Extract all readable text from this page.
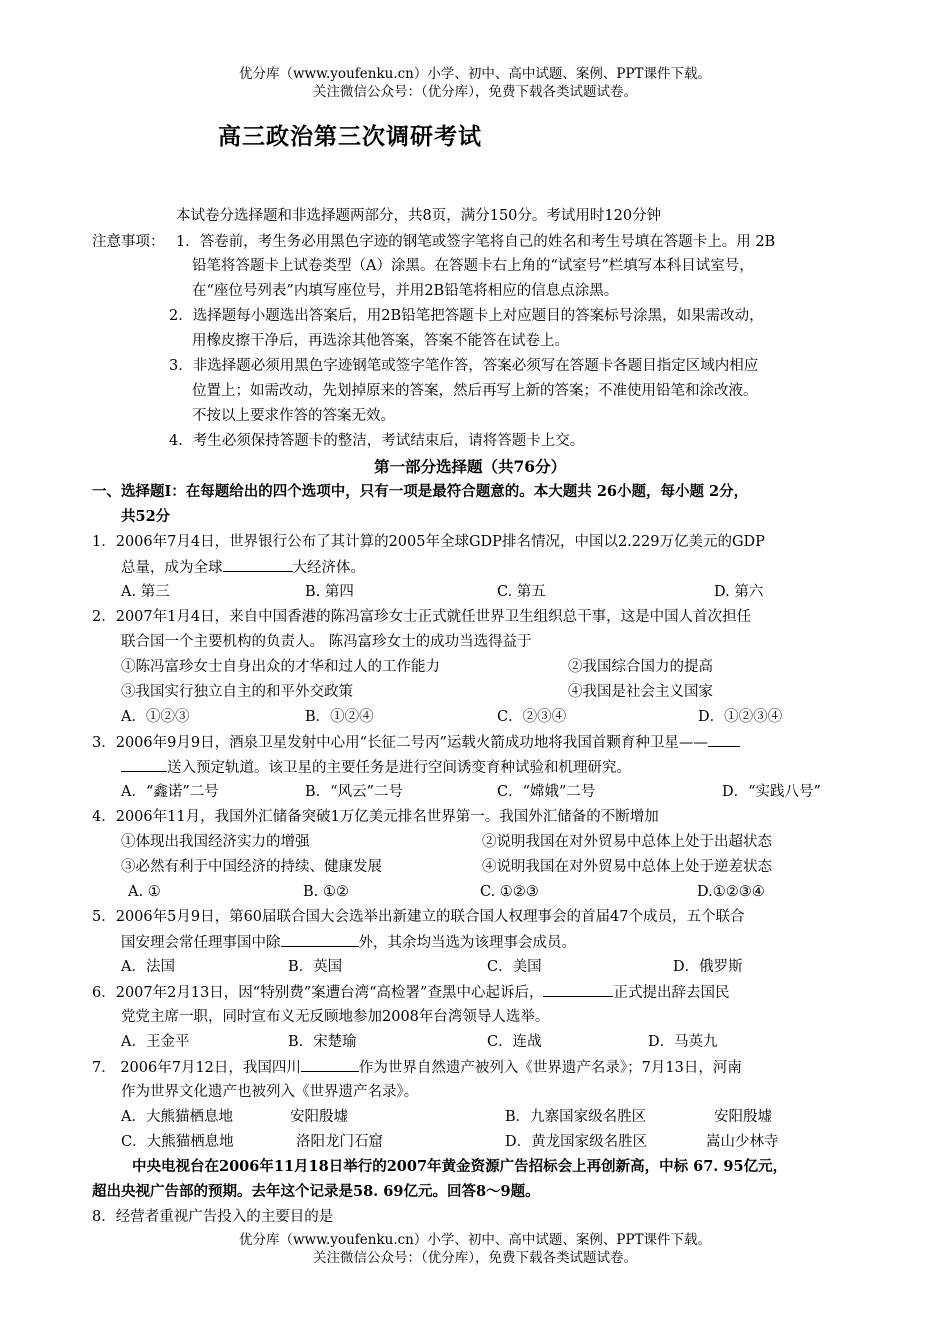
优分库（www.youfenku.cn）小学、初中、高中试题、案例、PPT课件下载。
关注微信公众号：（优分库），免费下载各类试题试卷。
高三政治第三次调研考试
本试卷分选择题和非选择题两部分，共8页，满分150分。考试用时120分钟
注意事项： 1．答卷前，考生务必用黑色字迹的钢笔或签字笔将自己的姓名和考生号填在答题卡上。用 2B
铅笔将答题卡上试卷类型（A）涂黑。在答题卡右上角的“试室号”栏填写本科目试室号，
在“座位号列表”内填写座位号，并用2B铅笔将相应的信息点涂黑。
2．选择题每小题选出答案后，用2B铅笔把答题卡上对应题目的答案标号涂黑，如果需改动，
用橡皮擦干净后，再选涂其他答案，答案不能答在试卷上。
3．非选择题必须用黑色字迹钢笔或签字笔作答，答案必须写在答题卡各题目指定区域内相应
位置上；如需改动，先划掉原来的答案，然后再写上新的答案；不准使用铅笔和涂改液。
不按以上要求作答的答案无效。
4．考生必须保持答题卡的整洁，考试结束后，请将答题卡上交。
第一部分选择题（共76分）
一、选择题Ⅰ：在每题给出的四个选项中，只有一项是最符合题意的。本大题共 26小题，每小题 2分，
共52分
1．2006年7月4日，世界银行公布了其计算的2005年全球GDP排名情况，中国以2.229万亿美元的GDP
总量，成为全球	大经济体。
A. 第三	B. 第四	C. 第五	D. 第六
2．2007年1月4日，来自中国香港的陈冯富珍女士正式就任世界卫生组织总干事，这是中国人首次担任
联合国一个主要机构的负责人。 陈冯富珍女士的成功当选得益于
①陈冯富珍女士自身出众的才华和过人的工作能力	②我国综合国力的提高
③我国实行独立自主的和平外交政策	④我国是社会主义国家
A．①②③	B．①②④	C．②③④	D．①②③④
3．2006年9月9日，酒泉卫星发射中心用“长征二号丙”运载火箭成功地将我国首颗育种卫星——
送入预定轨道。该卫星的主要任务是进行空间诱变育种试验和机理研究。
A．“鑫诺”二号	B．“风云”二号	C．“嫦娥”二号	D．“实践八号”
4．2006年11月，我国外汇储备突破1万亿美元排名世界第一。我国外汇储备的不断增加
①体现出我国经济实力的增强	②说明我国在对外贸易中总体上处于出超状态
③必然有利于中国经济的持续、健康发展	④说明我国在对外贸易中总体上处于逆差状态
A. ①	B. ①②	C. ①②③	D.①②③④
5．2006年5月9日，第60届联合国大会选举出新建立的联合国人权理事会的首届47个成员，五个联合
国安理会常任理事国中除	外，其余均当选为该理事会成员。
A．法国	B．英国	C．美国	D．俄罗斯
6．2007年2月13日，因“特别费”案遭台湾“高检署”查黑中心起诉后，	正式提出辞去国民
党党主席一职，同时宣布义无反顾地参加2008年台湾领导人选举。
A．王金平	B．宋楚瑜	C．连战	D．马英九
7． 2006年7月12日，我国四川	作为世界自然遗产被列入《世界遗产名录》；7月13日，河南
作为世界文化遗产也被列入《世界遗产名录》。
A．大熊猫栖息地	安阳殷墟	B．九寨国家级名胜区	安阳殷墟
C．大熊猫栖息地	洛阳龙门石窟	D．黄龙国家级名胜区	嵩山少林寺
中央电视台在2006年11月18日举行的2007年黄金资源广告招标会上再创新高，中标 67. 95亿元，
超出央视广告部的预期。去年这个记录是58. 69亿元。回答8～9题。
8．经营者重视广告投入的主要目的是
优分库（www.youfenku.cn）小学、初中、高中试题、案例、PPT课件下载。
关注微信公众号：（优分库），免费下载各类试题试卷。
